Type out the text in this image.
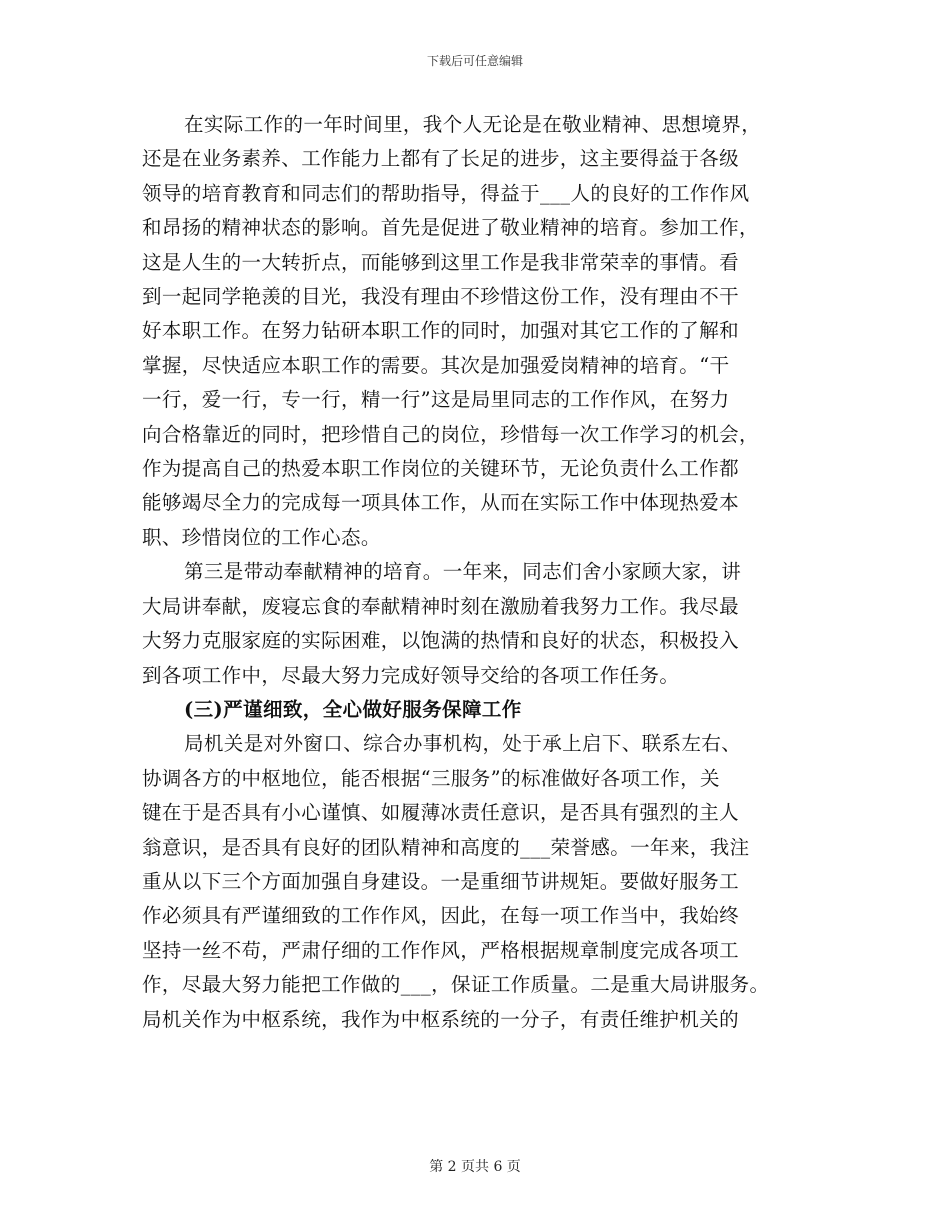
下载后可任意编辑
在实际工作的一年时间里，我个人无论是在敬业精神、思想境界，
还是在业务素养、工作能力上都有了长足的进步，这主要得益于各级
领导的培育教育和同志们的帮助指导，得益于___人的良好的工作作风
和昂扬的精神状态的影响。首先是促进了敬业精神的培育。参加工作，
这是人生的一大转折点，而能够到这里工作是我非常荣幸的事情。看
到一起同学艳羡的目光，我没有理由不珍惜这份工作，没有理由不干
好本职工作。在努力钻研本职工作的同时，加强对其它工作的了解和
掌握，尽快适应本职工作的需要。其次是加强爱岗精神的培育。“干
一行，爱一行，专一行，精一行”这是局里同志的工作作风，在努力
向合格靠近的同时，把珍惜自己的岗位，珍惜每一次工作学习的机会，
作为提高自己的热爱本职工作岗位的关键环节，无论负责什么工作都
能够竭尽全力的完成每一项具体工作，从而在实际工作中体现热爱本
职、珍惜岗位的工作心态。
第三是带动奉献精神的培育。一年来，同志们舍小家顾大家，讲
大局讲奉献，废寝忘食的奉献精神时刻在激励着我努力工作。我尽最
大努力克服家庭的实际困难，以饱满的热情和良好的状态，积极投入
到各项工作中，尽最大努力完成好领导交给的各项工作任务。
(三)严谨细致，全心做好服务保障工作
局机关是对外窗口、综合办事机构，处于承上启下、联系左右、
协调各方的中枢地位，能否根据“三服务”的标准做好各项工作，关
键在于是否具有小心谨慎、如履薄冰责任意识，是否具有强烈的主人
翁意识，是否具有良好的团队精神和高度的___荣誉感。一年来，我注
重从以下三个方面加强自身建设。一是重细节讲规矩。要做好服务工
作必须具有严谨细致的工作作风，因此，在每一项工作当中，我始终
坚持一丝不苟，严肃仔细的工作作风，严格根据规章制度完成各项工
作，尽最大努力能把工作做的___，保证工作质量。二是重大局讲服务。
局机关作为中枢系统，我作为中枢系统的一分子，有责任维护机关的
第 2 页共 6 页
